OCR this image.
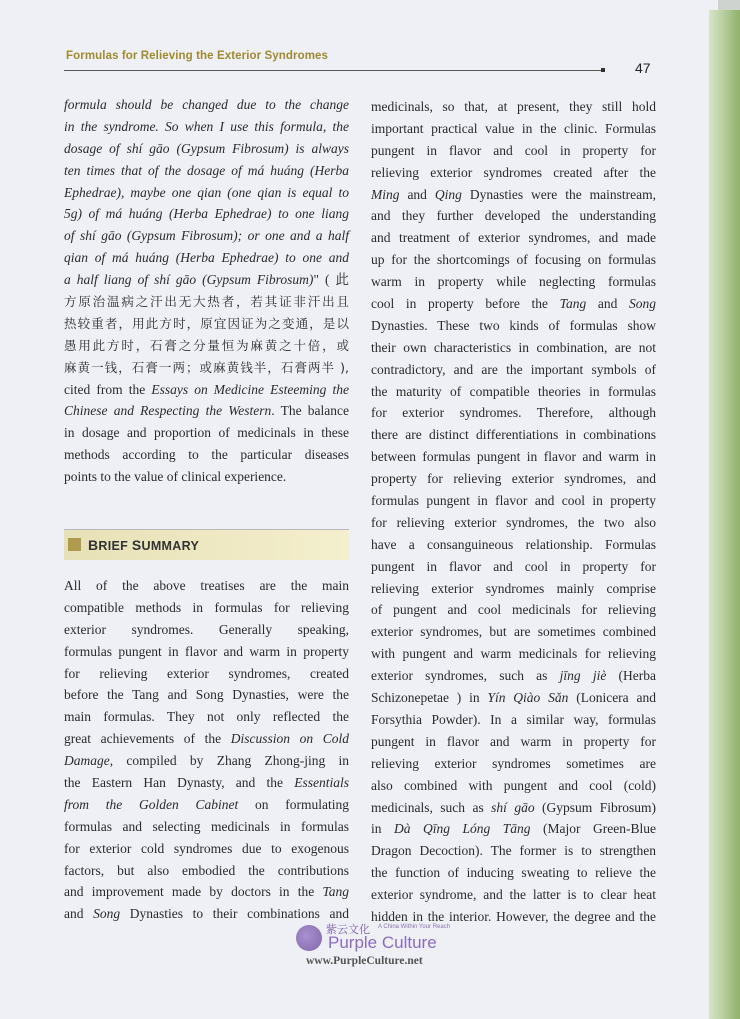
Formulas for Relieving the Exterior Syndromes
47
formula should be changed due to the change
in the syndrome. So when I use this formula, the
dosage of shí gāo (Gypsum Fibrosum) is always
ten times that of the dosage of má huáng (Herba
Ephedrae), maybe one qian (one qian is equal to
5g) of má huáng (Herba Ephedrae) to one liang
of shí gāo (Gypsum Fibrosum); or one and a half
qian of má huáng (Herba Ephedrae) to one and
a half liang of shí gāo (Gypsum Fibrosum)" ( 此
方原治温病之汗出无大热者，若其证非汗出且
热较重者，用此方时，原宜因证为之变通，是以
愚用此方时，石膏之分量恒为麻黄之十倍，或
麻黄一钱，石膏一两；或麻黄钱半，石膏两半 ),
cited from the Essays on Medicine Esteeming the
Chinese and Respecting the Western. The balance
in dosage and proportion of medicinals in these
methods according to the particular diseases
points to the value of clinical experience.
BRIEF SUMMARY
All of the above treatises are the main
compatible methods in formulas for relieving
exterior syndromes. Generally speaking,
formulas pungent in flavor and warm in property
for relieving exterior syndromes, created
before the Tang and Song Dynasties, were the
main formulas. They not only reflected the
great achievements of the Discussion on Cold
Damage, compiled by Zhang Zhong-jing in
the Eastern Han Dynasty, and the Essentials
from the Golden Cabinet on formulating
formulas and selecting medicinals in formulas
for exterior cold syndromes due to exogenous
factors, but also embodied the contributions
and improvement made by doctors in the Tang
and Song Dynasties to their combinations and
medicinals, so that, at present, they still hold
important practical value in the clinic. Formulas
pungent in flavor and cool in property for
relieving exterior syndromes created after the
Ming and Qing Dynasties were the mainstream,
and they further developed the understanding
and treatment of exterior syndromes, and made
up for the shortcomings of focusing on formulas
warm in property while neglecting formulas
cool in property before the Tang and Song
Dynasties. These two kinds of formulas show
their own characteristics in combination, are not
contradictory, and are the important symbols of
the maturity of compatible theories in formulas
for exterior syndromes. Therefore, although
there are distinct differentiations in combinations
between formulas pungent in flavor and warm in
property for relieving exterior syndromes, and
formulas pungent in flavor and cool in property
for relieving exterior syndromes, the two also
have a consanguineous relationship. Formulas
pungent in flavor and cool in property for
relieving exterior syndromes mainly comprise
of pungent and cool medicinals for relieving
exterior syndromes, but are sometimes combined
with pungent and warm medicinals for relieving
exterior syndromes, such as jīng jiè (Herba
Schizonepetae ) in Yín Qiào Sǎn (Lonicera and
Forsythia Powder). In a similar way, formulas
pungent in flavor and warm in property for
relieving exterior syndromes sometimes are
also combined with pungent and cool (cold)
medicinals, such as shí gāo (Gypsum Fibrosum)
in Dà Qīng Lóng Tāng (Major Green-Blue
Dragon Decoction). The former is to strengthen
the function of inducing sweating to relieve the
exterior syndrome, and the latter is to clear heat
hidden in the interior. However, the degree and the
紫云文化 A China Within Your Reach
Purple Culture
www.PurpleCulture.net
